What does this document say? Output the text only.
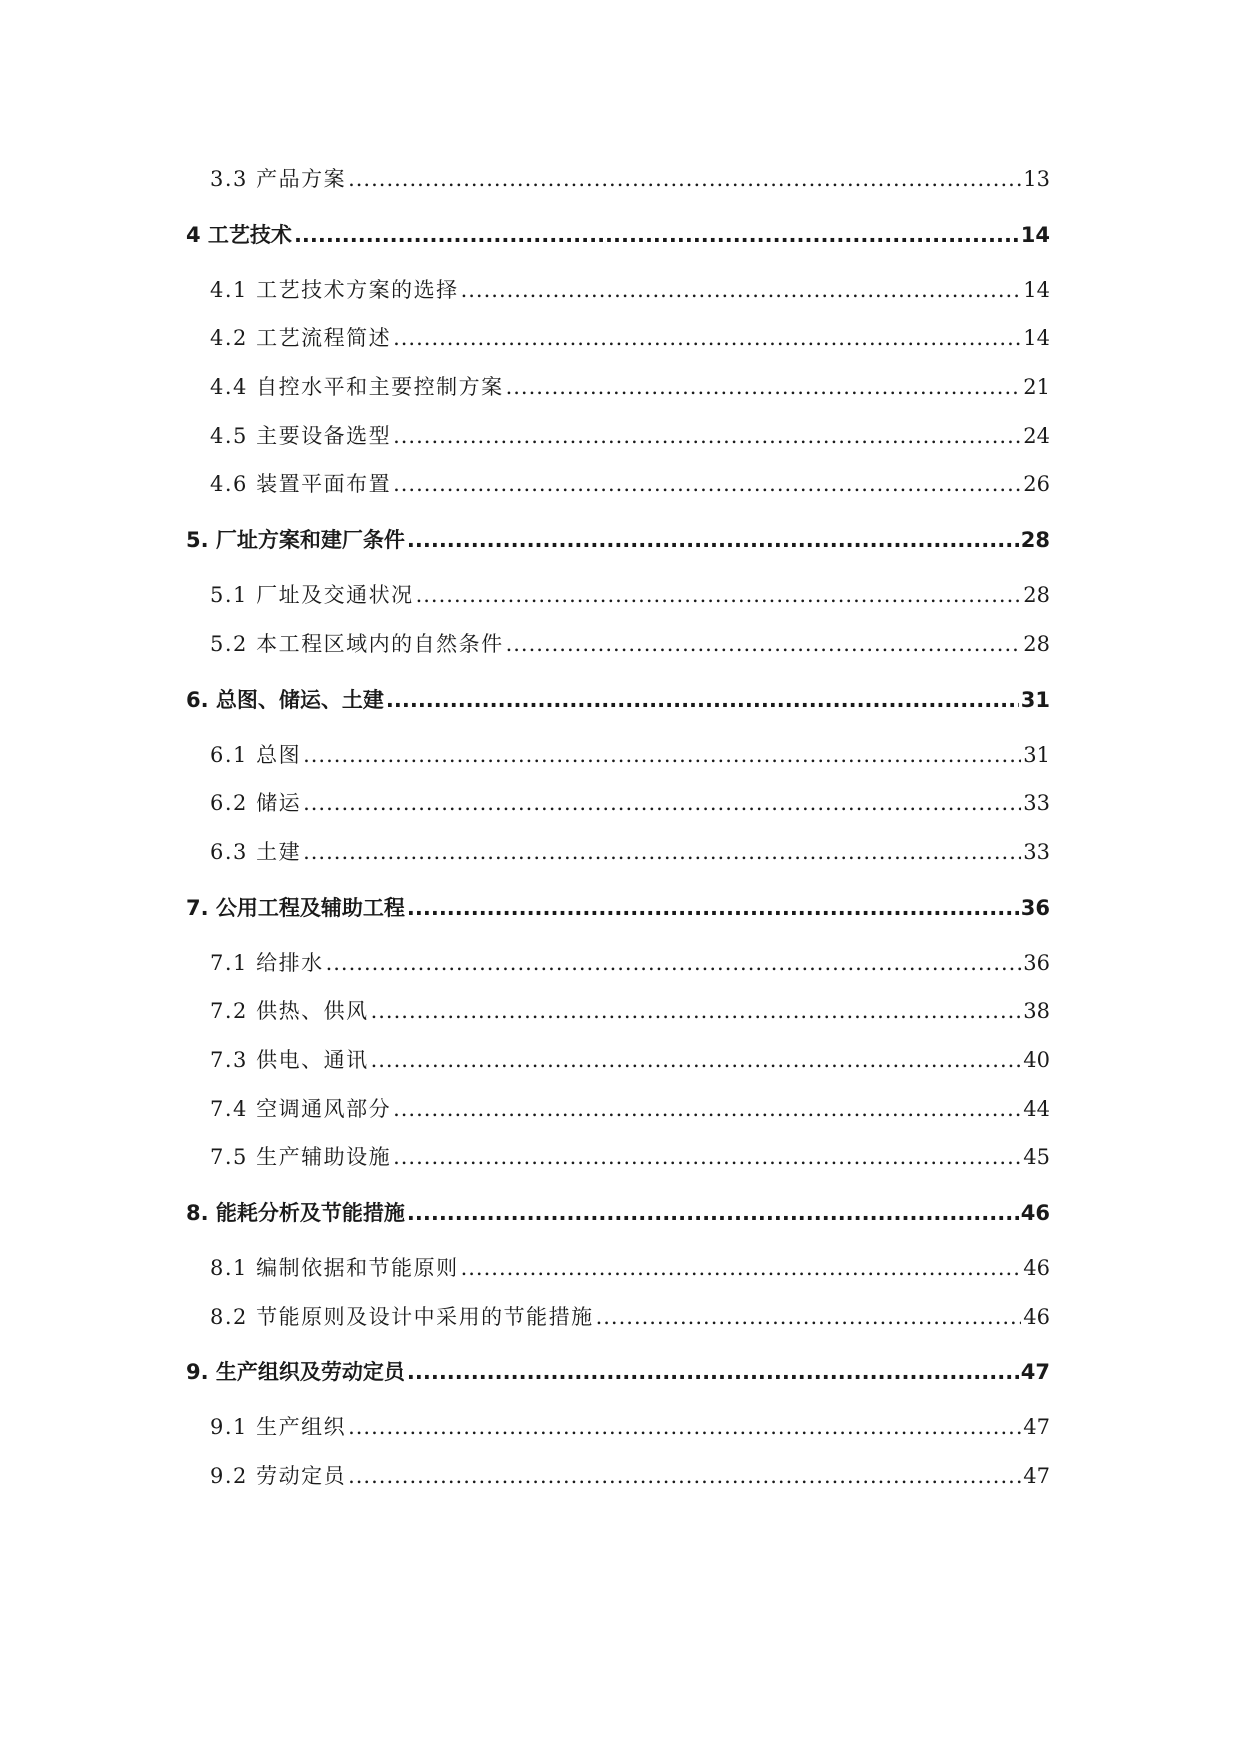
3.3 产品方案 .....	13
4 工艺技术 .....	14
4.1 工艺技术方案的选择 .....	14
4.2 工艺流程简述 .....	14
4.4 自控水平和主要控制方案 .....	21
4.5 主要设备选型 .....	24
4.6 装置平面布置 .....	26
5. 厂址方案和建厂条件 .....	28
5.1 厂址及交通状况 .....	28
5.2 本工程区域内的自然条件 .....	28
6. 总图、储运、土建 .....	31
6.1 总图 .....	31
6.2 储运 .....	33
6.3 土建 .....	33
7. 公用工程及辅助工程 .....	36
7.1 给排水 .....	36
7.2 供热、供风 .....	38
7.3 供电、通讯 .....	40
7.4 空调通风部分 .....	44
7.5 生产辅助设施 .....	45
8. 能耗分析及节能措施 .....	46
8.1 编制依据和节能原则 .....	46
8.2 节能原则及设计中采用的节能措施 .....	46
9. 生产组织及劳动定员 .....	47
9.1 生产组织 .....	47
9.2 劳动定员 .....	47
